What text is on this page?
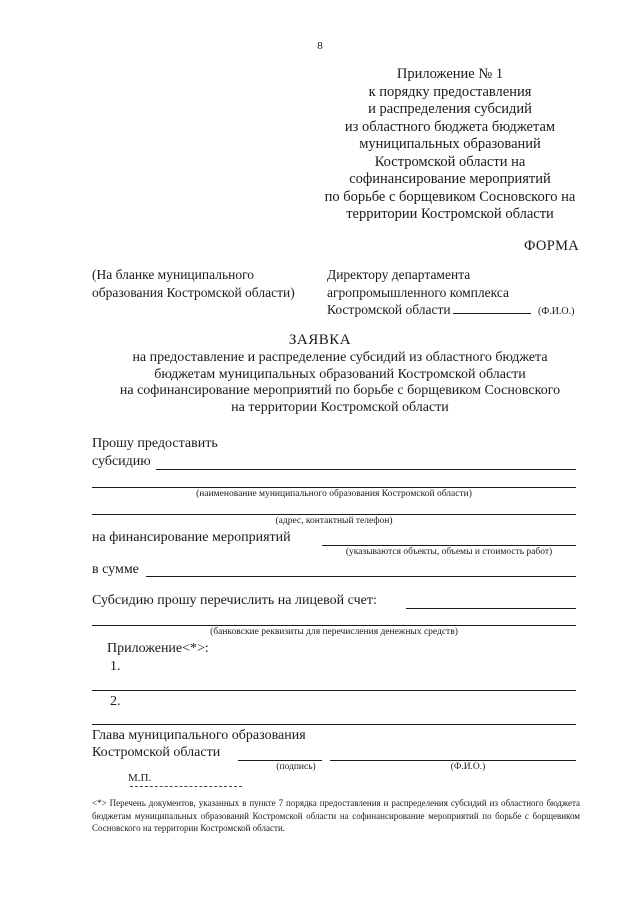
8
Приложение № 1
к порядку предоставления
и распределения субсидий
из областного бюджета бюджетам
муниципальных образований
Костромской области на
софинансирование мероприятий
по борьбе с борщевиком Сосновского на
территории Костромской области
ФОРМА
(На бланке муниципального
образования Костромской области)
Директору департамента
агропромышленного комплекса
Костромской области	(Ф.И.О.)
ЗАЯВКА
на предоставление и распределение субсидий из областного бюджета
бюджетам муниципальных образований Костромской области
на софинансирование мероприятий по борьбе с борщевиком Сосновского
на территории Костромской области
Прошу предоставить
субсидию
(наименование муниципального образования Костромской области)
(адрес, контактный телефон)
на финансирование мероприятий
(указываются объекты, объемы и стоимость работ)
в сумме
Субсидию прошу перечислить на лицевой счет:
(банковские реквизиты для перечисления денежных средств)
Приложение<*>:
1.
2.
Глава муниципального образования
Костромской области
(подпись)	(Ф.И.О.)
М.П.
<*> Перечень документов, указанных в пункте 7 порядка предоставления и распределения субсидий из областного бюджета бюджетам муниципальных образований Костромской области на софинансирование мероприятий по борьбе с борщевиком Сосновского на территории Костромской области.
